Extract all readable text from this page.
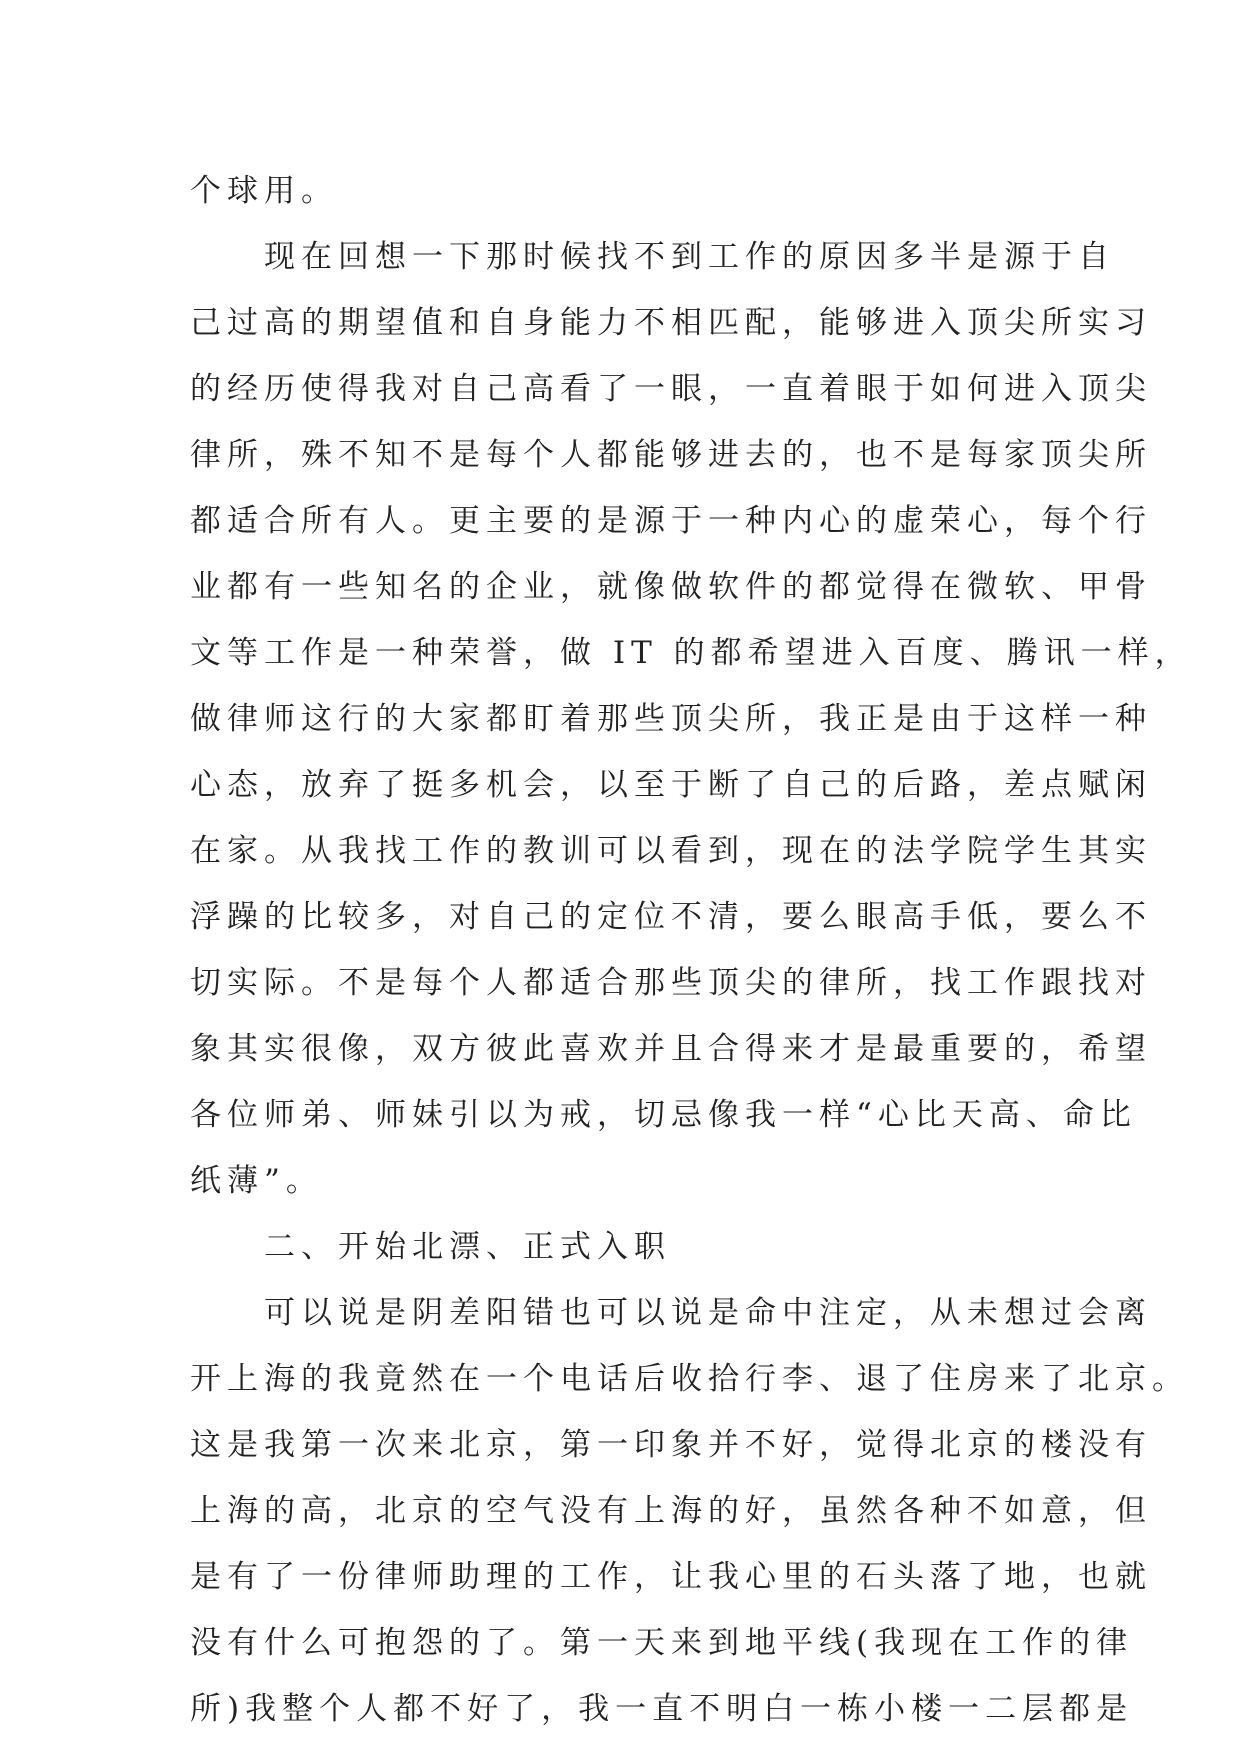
个球用。
　　现在回想一下那时候找不到工作的原因多半是源于自
己过高的期望值和自身能力不相匹配，能够进入顶尖所实习
的经历使得我对自己高看了一眼，一直着眼于如何进入顶尖
律所，殊不知不是每个人都能够进去的，也不是每家顶尖所
都适合所有人。更主要的是源于一种内心的虚荣心，每个行
业都有一些知名的企业，就像做软件的都觉得在微软、甲骨
文等工作是一种荣誉，做 IT 的都希望进入百度、腾讯一样，
做律师这行的大家都盯着那些顶尖所，我正是由于这样一种
心态，放弃了挺多机会，以至于断了自己的后路，差点赋闲
在家。从我找工作的教训可以看到，现在的法学院学生其实
浮躁的比较多，对自己的定位不清，要么眼高手低，要么不
切实际。不是每个人都适合那些顶尖的律所，找工作跟找对
象其实很像，双方彼此喜欢并且合得来才是最重要的，希望
各位师弟、师妹引以为戒，切忌像我一样“心比天高、命比
纸薄”。
　　二、开始北漂、正式入职
　　可以说是阴差阳错也可以说是命中注定，从未想过会离
开上海的我竟然在一个电话后收拾行李、退了住房来了北京。
这是我第一次来北京，第一印象并不好，觉得北京的楼没有
上海的高，北京的空气没有上海的好，虽然各种不如意，但
是有了一份律师助理的工作，让我心里的石头落了地，也就
没有什么可抱怨的了。第一天来到地平线(我现在工作的律
所)我整个人都不好了，我一直不明白一栋小楼一二层都是
